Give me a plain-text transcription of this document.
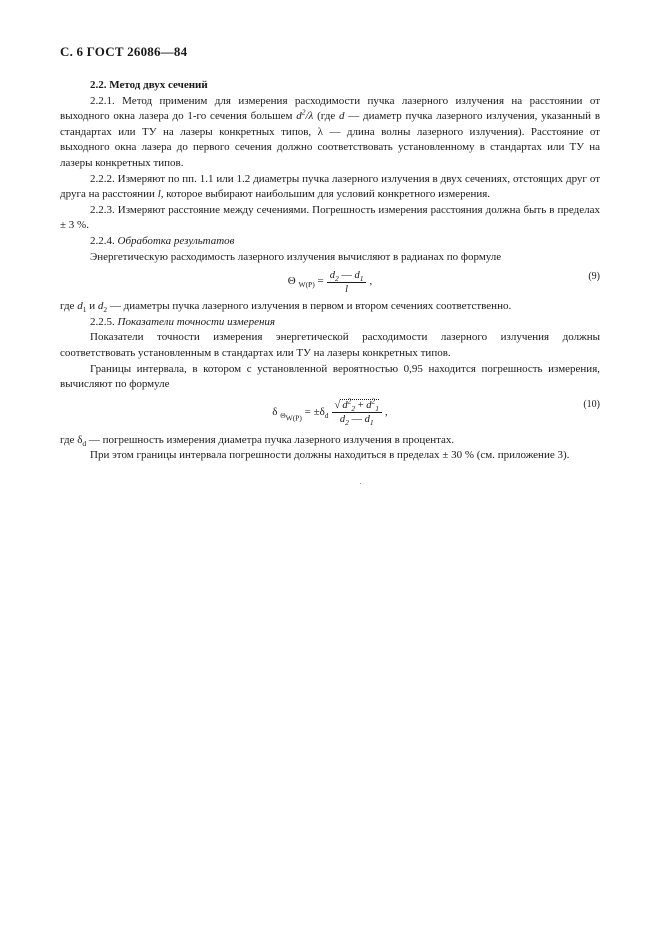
С. 6 ГОСТ 26086—84

2.2. Метод двух сечений

2.2.1. Метод применим для измерения расходимости пучка лазерного излучения на расстоянии от выходного окна лазера до 1-го сечения большем $d^2/\lambda$ (где d — диаметр пучка лазерного излучения, указанный в стандартах или ТУ на лазеры конкретных типов, λ — длина волны лазерного излучения). Расстояние от выходного окна лазера до первого сечения должно соответствовать установленному в стандартах или ТУ на лазеры конкретных типов.

2.2.2. Измеряют по пп. 1.1 или 1.2 диаметры пучка лазерного излучения в двух сечениях, отстоящих друг от друга на расстоянии l, которое выбирают наибольшим для условий конкретного измерения.

2.2.3. Измеряют расстояние между сечениями. Погрешность измерения расстояния должна быть в пределах ± 3 %.

2.2.4. Обработка результатов

Энергетическую расходимость лазерного излучения вычисляют в радианах по формуле

Θ $_{W(P)} = \frac{d_2 — d_1}{l}$ ,	(9)

где $d_1$ и $d_2$ — диаметры пучка лазерного излучения в первом и втором сечениях соответственно.

2.2.5. Показатели точности измерения

Показатели точности измерения энергетической расходимости лазерного излучения должны соответствовать установленным в стандартах или ТУ на лазеры конкретных типов.

Границы интервала, в котором с установленной вероятностью 0,95 находится погрешность измерения, вычисляют по формуле

δ $_{\Theta_{W(P)}} = \pm\delta_d \frac{√ d^2_2 + d^2_1}{d_2 — d_1}$ ,
(10)

где $\delta_d$ — погрешность измерения диаметра пучка лазерного излучения в процентах.

При этом границы интервала погрешности должны находиться в пределах ± 30 % (см. приложение 3).
